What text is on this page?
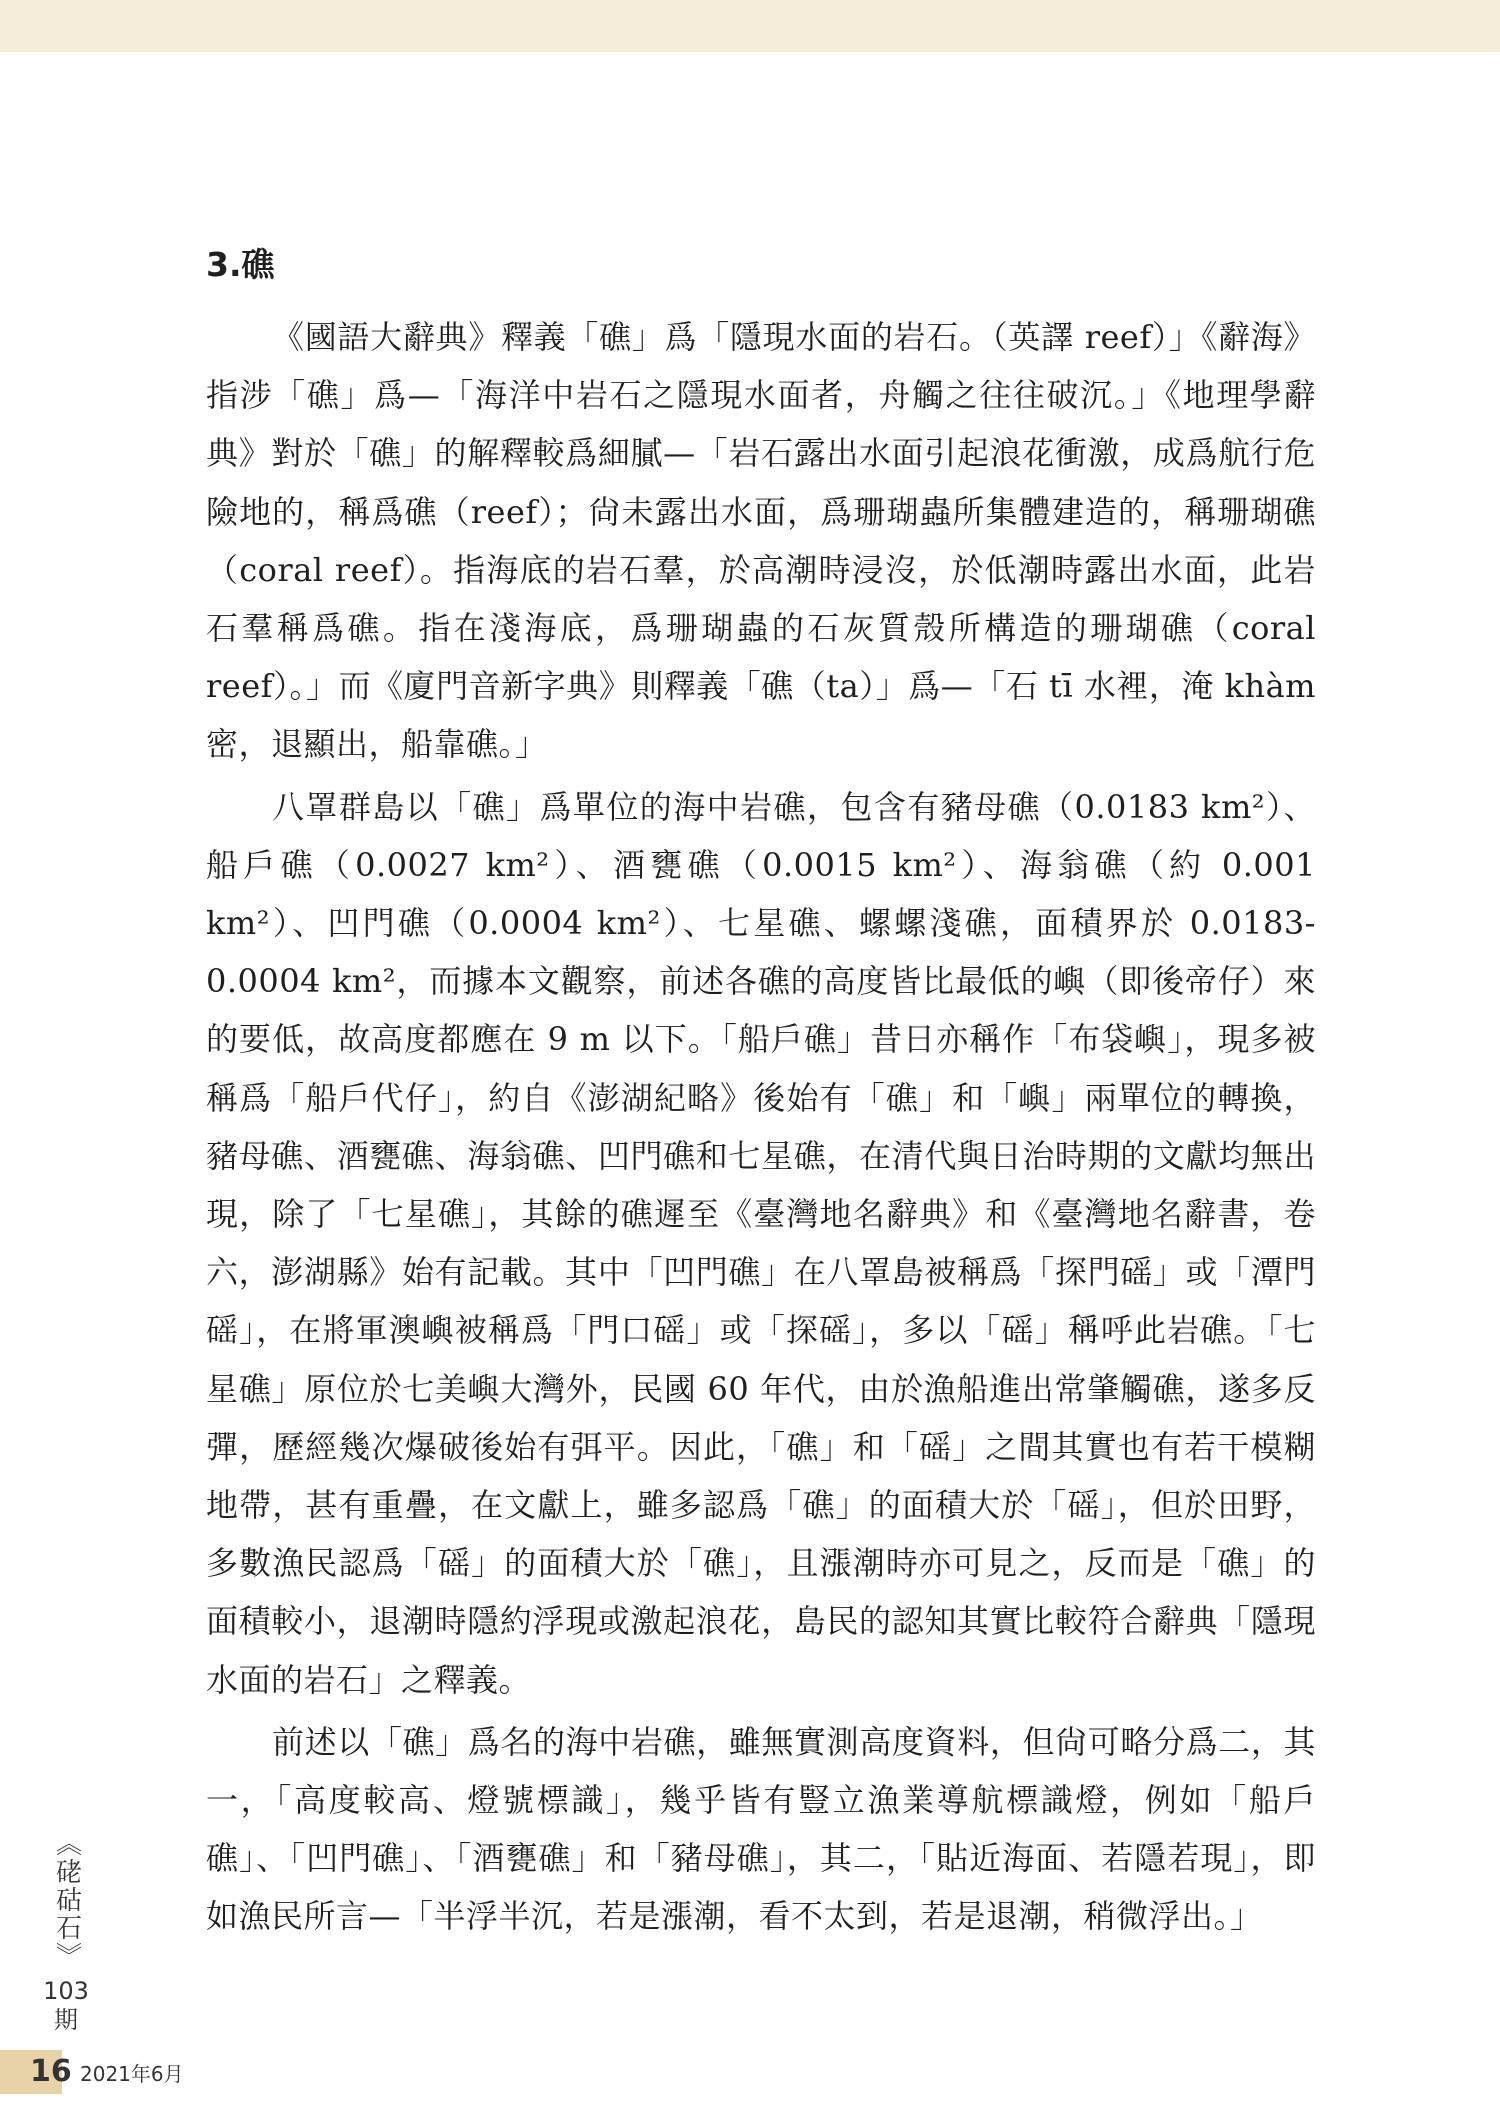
3.礁

《國語大辭典》釋義「礁」爲「隱現水面的岩石。（英譯 reef）」《辭海》指涉「礁」爲—「海洋中岩石之隱現水面者，舟觸之往往破沉。」《地理學辭典》對於「礁」的解釋較爲細膩—「岩石露出水面引起浪花衝激，成爲航行危險地的，稱爲礁（reef）；尙未露出水面，爲珊瑚蟲所集體建造的，稱珊瑚礁（coral reef）。指海底的岩石羣，於高潮時浸沒，於低潮時露出水面，此岩石羣稱爲礁。指在淺海底，爲珊瑚蟲的石灰質殼所構造的珊瑚礁（coral reef）。」而《廈門音新字典》則釋義「礁（ta）」爲—「石 tī 水裡，淹 khàm 密，退顯出，船靠礁。」

八罩群島以「礁」爲單位的海中岩礁，包含有豬母礁（0.0183 km²）、船戶礁（0.0027 km²）、酒甕礁（0.0015 km²）、海翁礁（約 0.001 km²）、凹門礁（0.0004 km²）、七星礁、螺螺淺礁，面積界於 0.0183-0.0004 km²，而據本文觀察，前述各礁的高度皆比最低的嶼（即後帝仔）來的要低，故高度都應在 9 m 以下。「船戶礁」昔日亦稱作「布袋嶼」，現多被稱爲「船戶代仔」，約自《澎湖紀略》後始有「礁」和「嶼」兩單位的轉換，豬母礁、酒甕礁、海翁礁、凹門礁和七星礁，在清代與日治時期的文獻均無出現，除了「七星礁」，其餘的礁遲至《臺灣地名辭典》和《臺灣地名辭書，卷六，澎湖縣》始有記載。其中「凹門礁」在八罩島被稱爲「探門磘」或「潭門磘」，在將軍澳嶼被稱爲「門口磘」或「探磘」，多以「磘」稱呼此岩礁。「七星礁」原位於七美嶼大灣外，民國 60 年代，由於漁船進出常肇觸礁，遂多反彈，歷經幾次爆破後始有弭平。因此，「礁」和「磘」之間其實也有若干模糊地帶，甚有重疊，在文獻上，雖多認爲「礁」的面積大於「磘」，但於田野，多數漁民認爲「磘」的面積大於「礁」，且漲潮時亦可見之，反而是「礁」的面積較小，退潮時隱約浮現或激起浪花，島民的認知其實比較符合辭典「隱現水面的岩石」之釋義。

前述以「礁」爲名的海中岩礁，雖無實測高度資料，但尙可略分爲二，其一，「高度較高、燈號標識」，幾乎皆有豎立漁業導航標識燈，例如「船戶礁」、「凹門礁」、「酒甕礁」和「豬母礁」，其二，「貼近海面、若隱若現」，即如漁民所言—「半浮半沉，若是漲潮，看不太到，若是退潮，稍微浮出。」

《硓𥑮石》
103期
16 2021年6月
